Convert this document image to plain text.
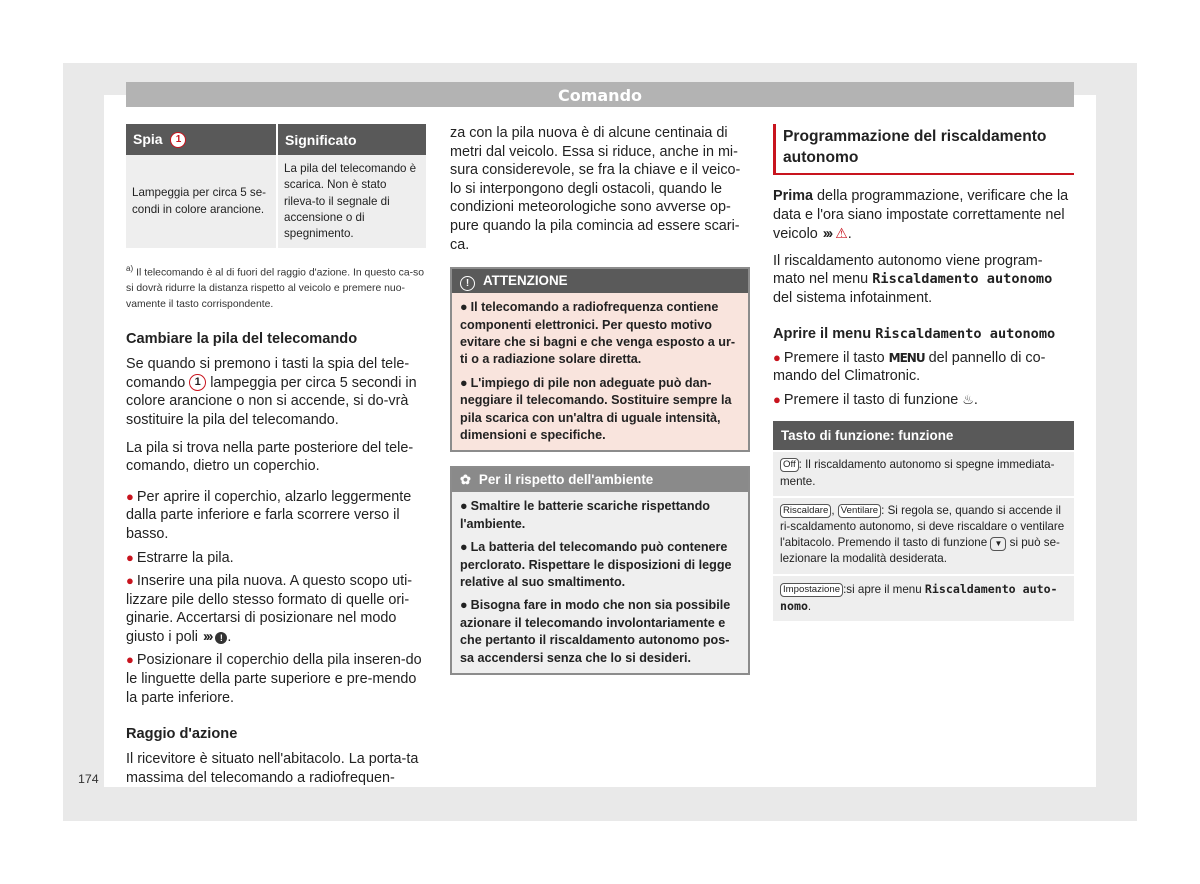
Comando
Spia 1	Significato
Lampeggia per circa 5 se-condi in colore arancione.	La pila del telecomando è scarica. Non è stato rileva-to il segnale di accensione o di spegnimento.

$^{a)}$ Il telecomando è al di fuori del raggio d'azione. In questo ca-so si dovrà ridurre la distanza rispetto al veicolo e premere nuo-vamente il tasto corrispondente.

Cambiare la pila del telecomando

Se quando si premono i tasti la spia del tele-comando 1 lampeggia per circa 5 secondi in colore arancione o non si accende, si do-vrà sostituire la pila del telecomando.

La pila si trova nella parte posteriore del tele-comando, dietro un coperchio.

● Per aprire il coperchio, alzarlo leggermente dalla parte inferiore e farla scorrere verso il basso.

● Estrarre la pila.

● Inserire una pila nuova. A questo scopo uti-lizzare pile dello stesso formato di quelle ori-ginarie. Accertarsi di posizionare nel modo giusto i poli ››› ! .

● Posizionare il coperchio della pila inseren-do le linguette della parte superiore e pre-mendo la parte inferiore.

Raggio d'azione

Il ricevitore è situato nell'abitacolo. La porta-ta massima del telecomando a radiofrequen-

za con la pila nuova è di alcune centinaia di metri dal veicolo. Essa si riduce, anche in mi-sura considerevole, se fra la chiave e il veico-lo si interpongono degli ostacoli, quando le condizioni meteorologiche sono avverse op-pure quando la pila comincia ad essere scari-ca.

! ATTENZIONE

● Il telecomando a radiofrequenza contiene componenti elettronici. Per questo motivo evitare che si bagni e che venga esposto a ur-ti o a radiazione solare diretta.

● L'impiego di pile non adeguate può dan-neggiare il telecomando. Sostituire sempre la pila scarica con un'altra di uguale intensità, dimensioni e specifiche.

✿ Per il rispetto dell'ambiente

● Smaltire le batterie scariche rispettando l'ambiente.

● La batteria del telecomando può contenere perclorato. Rispettare le disposizioni di legge relative al suo smaltimento.

● Bisogna fare in modo che non sia possibile azionare il telecomando involontariamente e che pertanto il riscaldamento autonomo pos-sa accendersi senza che lo si desideri.

Programmazione del riscaldamento autonomo

Prima della programmazione, verificare che la data e l'ora siano impostate correttamente nel veicolo ››› ⚠.

Il riscaldamento autonomo viene program-mato nel menu Riscaldamento autonomo del sistema infotainment.

Aprire il menu Riscaldamento autonomo

● Premere il tasto MENU del pannello di co-mando del Climatronic.

● Premere il tasto di funzione ♨.

Tasto di funzione: funzione
Off : Il riscaldamento autonomo si spegne immediata-mente.
Riscaldare , Ventilare : Si regola se, quando si accende il ri-scaldamento autonomo, si deve riscaldare o ventilare l'abitacolo. Premendo il tasto di funzione ▼ si può se-lezionare la modalità desiderata.
Impostazione :si apre il menu Riscaldamento auto-nomo.
174
